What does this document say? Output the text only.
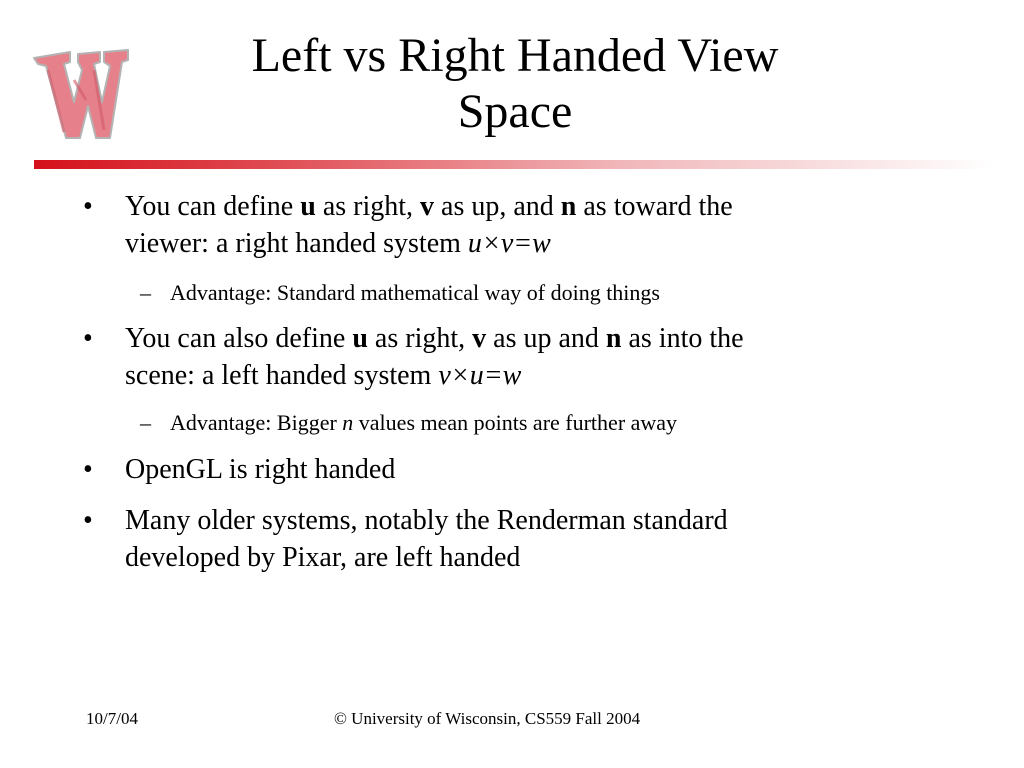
Left vs Right Handed View
Space
• You can define u as right, v as up, and n as toward the
viewer: a right handed system u×v=w
– Advantage: Standard mathematical way of doing things
• You can also define u as right, v as up and n as into the
scene: a left handed system v×u=w
– Advantage: Bigger n values mean points are further away
• OpenGL is right handed
• Many older systems, notably the Renderman standard
developed by Pixar, are left handed
10/7/04	© University of Wisconsin, CS559 Fall 2004
